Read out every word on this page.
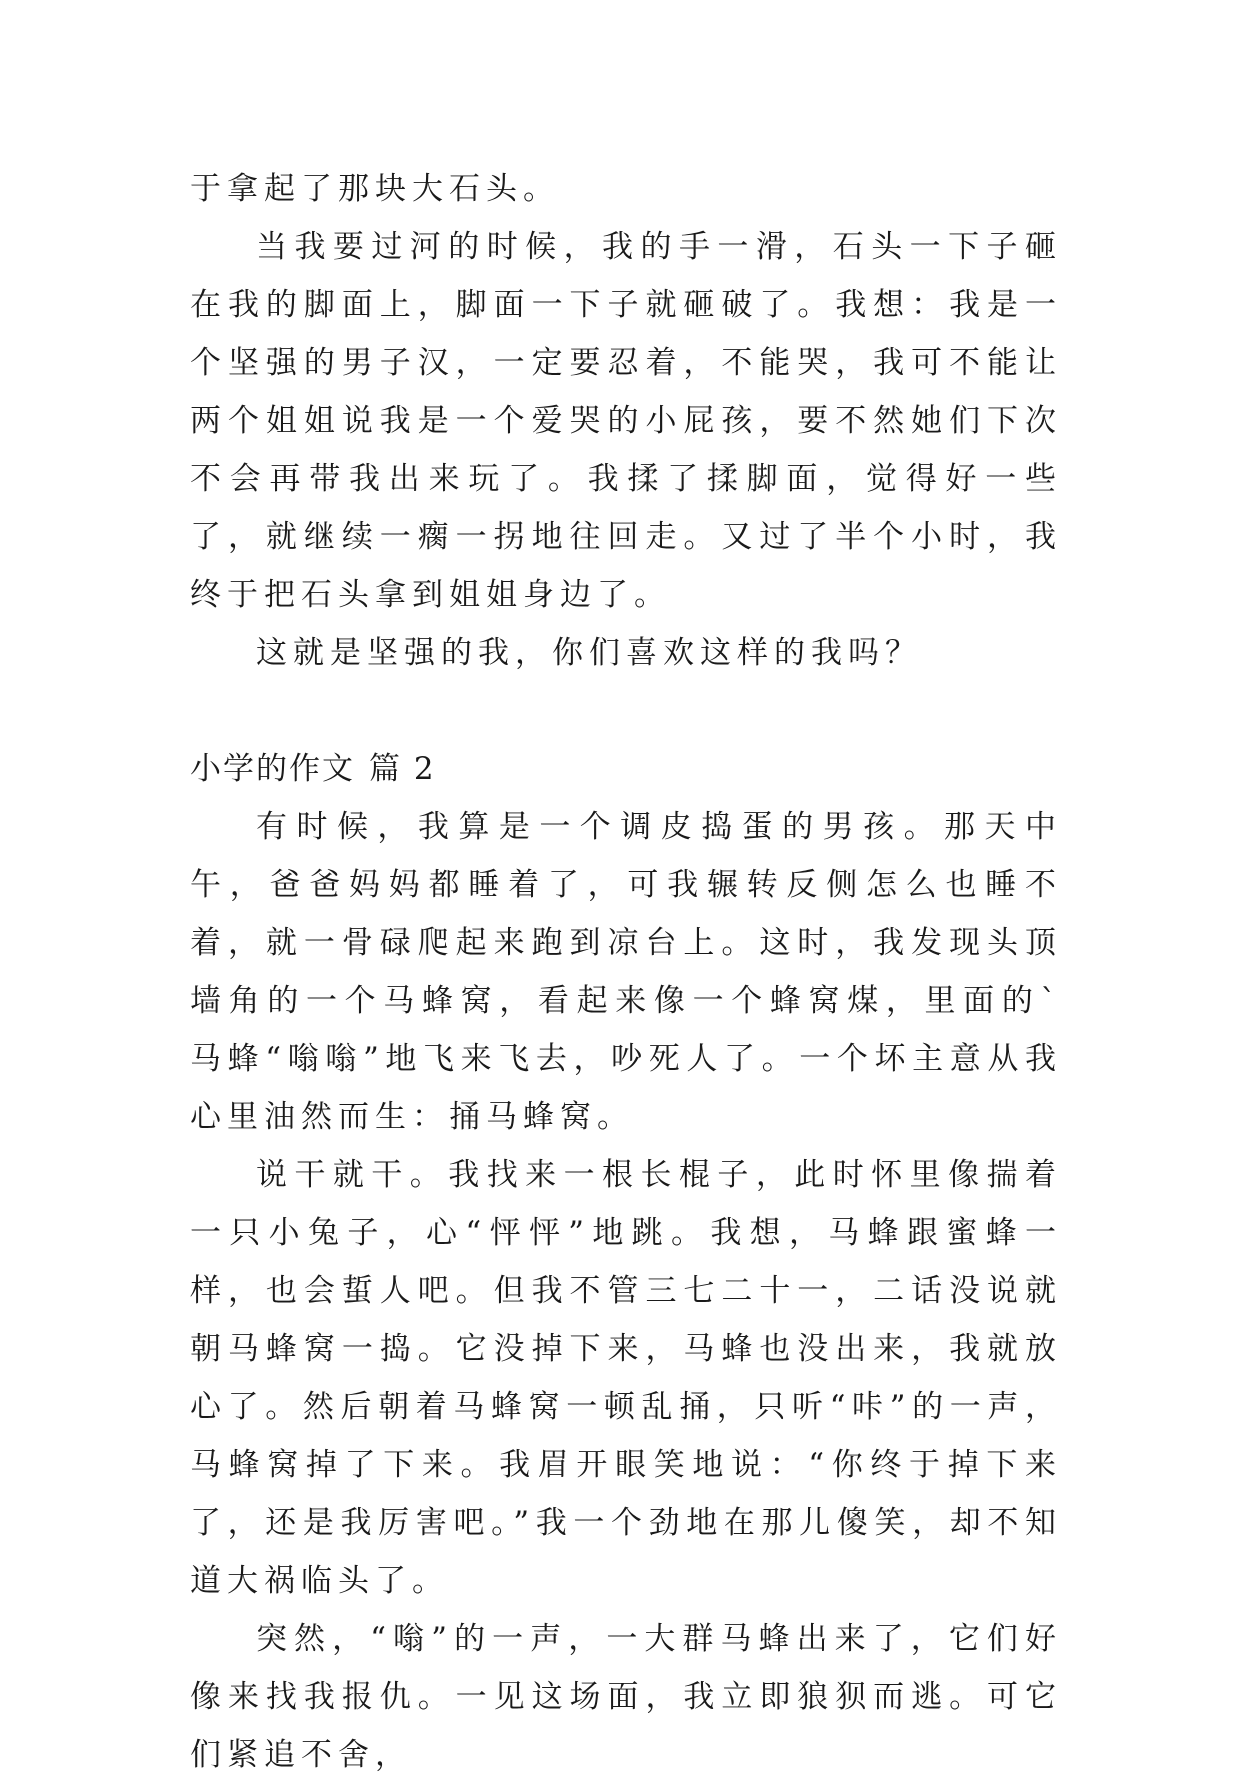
于拿起了那块大石头。

当我要过河的时候，我的手一滑，石头一下子砸在我的脚面上，脚面一下子就砸破了。我想：我是一个坚强的男子汉，一定要忍着，不能哭，我可不能让两个姐姐说我是一个爱哭的小屁孩，要不然她们下次不会再带我出来玩了。我揉了揉脚面，觉得好一些了，就继续一瘸一拐地往回走。又过了半个小时，我终于把石头拿到姐姐身边了。

这就是坚强的我，你们喜欢这样的我吗？

小学的作文 篇 2

有时候，我算是一个调皮捣蛋的男孩。那天中午，爸爸妈妈都睡着了，可我辗转反侧怎么也睡不着，就一骨碌爬起来跑到凉台上。这时，我发现头顶墙角的一个马蜂窝，看起来像一个蜂窝煤，里面的`马蜂“嗡嗡”地飞来飞去，吵死人了。一个坏主意从我心里油然而生：捅马蜂窝。

说干就干。我找来一根长棍子，此时怀里像揣着一只小兔子，心“怦怦”地跳。我想，马蜂跟蜜蜂一样，也会蜇人吧。但我不管三七二十一，二话没说就朝马蜂窝一捣。它没掉下来，马蜂也没出来，我就放心了。然后朝着马蜂窝一顿乱捅，只听“咔”的一声，马蜂窝掉了下来。我眉开眼笑地说：“你终于掉下来了，还是我厉害吧。”我一个劲地在那儿傻笑，却不知道大祸临头了。

突然，“嗡”的一声，一大群马蜂出来了，它们好像来找我报仇。一见这场面，我立即狼狈而逃。可它们紧追不舍，
